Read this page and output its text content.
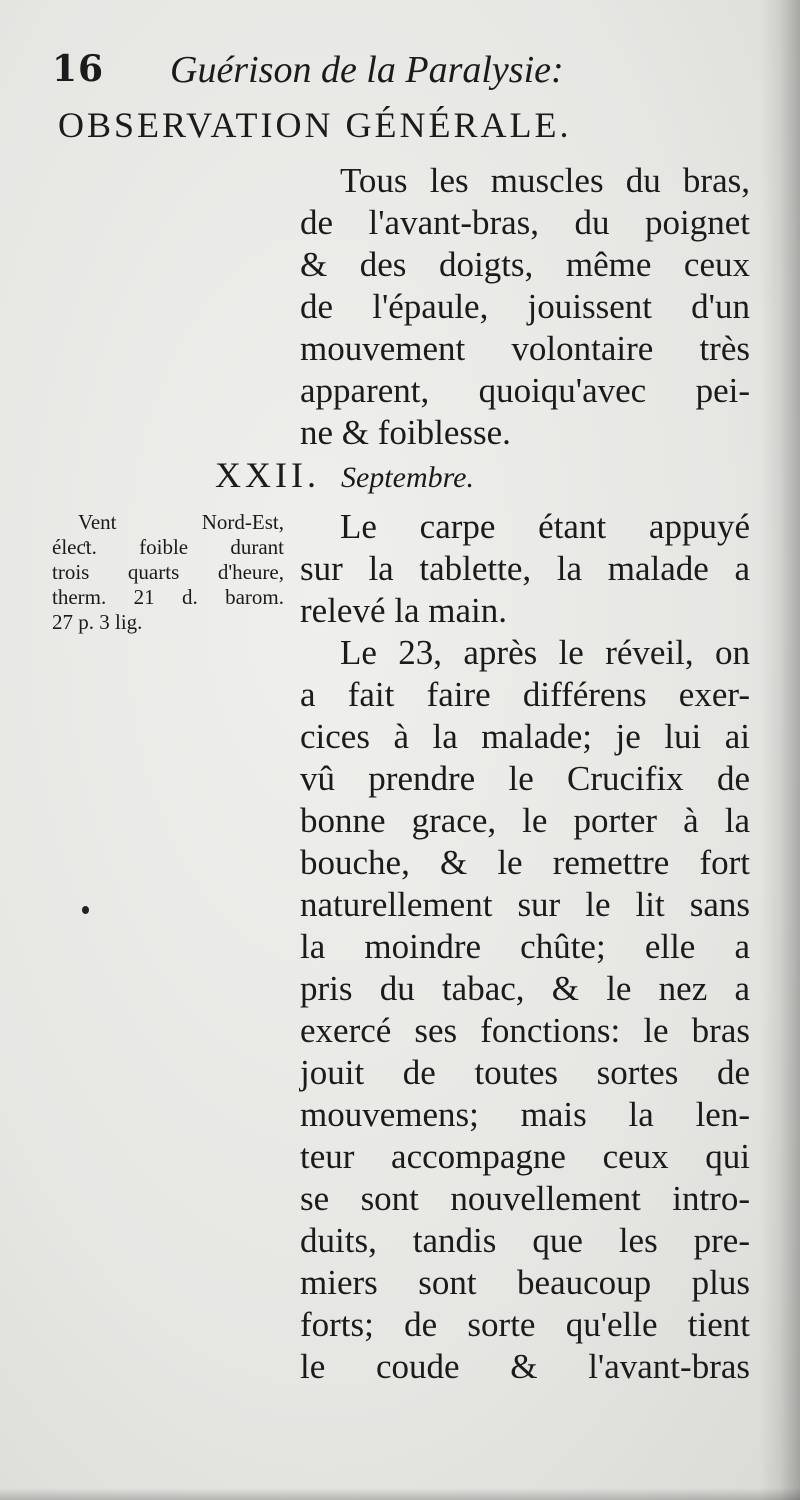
16 Guérison de la Paralysie:
OBSERVATION GÉNÉRALE.
Tous les muscles du bras,
de l'avant-bras, du poignet
& des doigts, même ceux
de l'épaule, jouissent d'un
mouvement volontaire très
apparent, quoiqu'avec pei-
ne & foiblesse.
XXII. Septembre.
Vent Nord-Est,
éleƈt. foible durant
trois quarts d'heure,
therm. 21 d. barom.
27 p. 3 lig.
Le carpe étant appuyé
sur la tablette, la malade a
relevé la main.
Le 23, après le réveil, on
a fait faire différens exer-
cices à la malade; je lui ai
vû prendre le Crucifix de
bonne grace, le porter à la
bouche, & le remettre fort
naturellement sur le lit sans
la moindre chûte; elle a
pris du tabac, & le nez a
exercé ses fonctions: le bras
jouit de toutes sortes de
mouvemens; mais la len-
teur accompagne ceux qui
se sont nouvellement intro-
duits, tandis que les pre-
miers sont beaucoup plus
forts; de sorte qu'elle tient
le coude & l'avant-bras
